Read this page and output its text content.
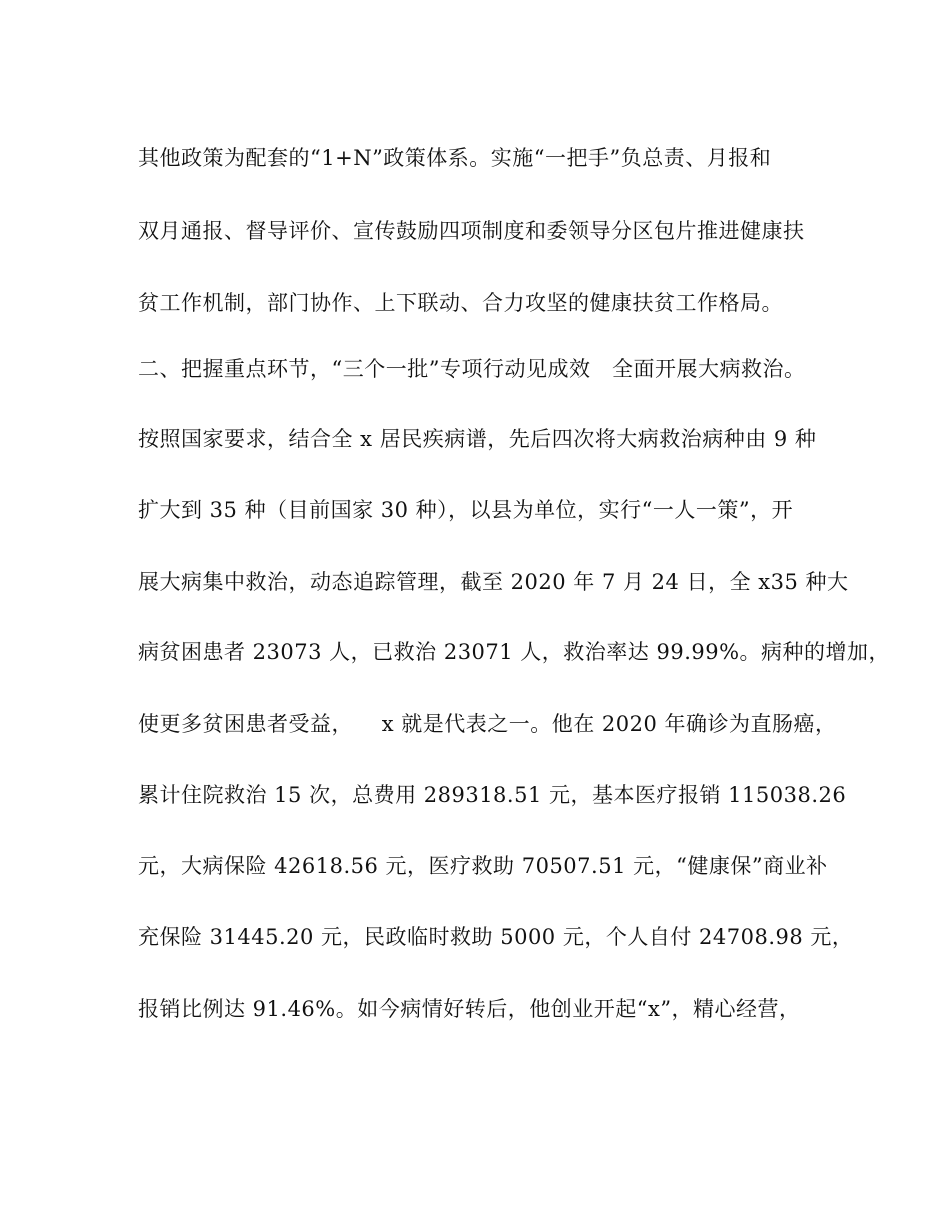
其他政策为配套的“1+N”政策体系。实施“一把手”负总责、月报和
双月通报、督导评价、宣传鼓励四项制度和委领导分区包片推进健康扶
贫工作机制，部门协作、上下联动、合力攻坚的健康扶贫工作格局。
二、把握重点环节，“三个一批”专项行动见成效   全面开展大病救治。
按照国家要求，结合全 x 居民疾病谱，先后四次将大病救治病种由 9 种
扩大到 35 种（目前国家 30 种），以县为单位，实行“一人一策”，开
展大病集中救治，动态追踪管理，截至 2020 年 7 月 24 日，全 x35 种大
病贫困患者 23073 人，已救治 23071 人，救治率达 99.99%。病种的增加，
使更多贫困患者受益，    x 就是代表之一。他在 2020 年确诊为直肠癌，
累计住院救治 15 次，总费用 289318.51 元，基本医疗报销 115038.26
元，大病保险 42618.56 元，医疗救助 70507.51 元，“健康保”商业补
充保险 31445.20 元，民政临时救助 5000 元，个人自付 24708.98 元，
报销比例达 91.46%。如今病情好转后，他创业开起“x”，精心经营，
